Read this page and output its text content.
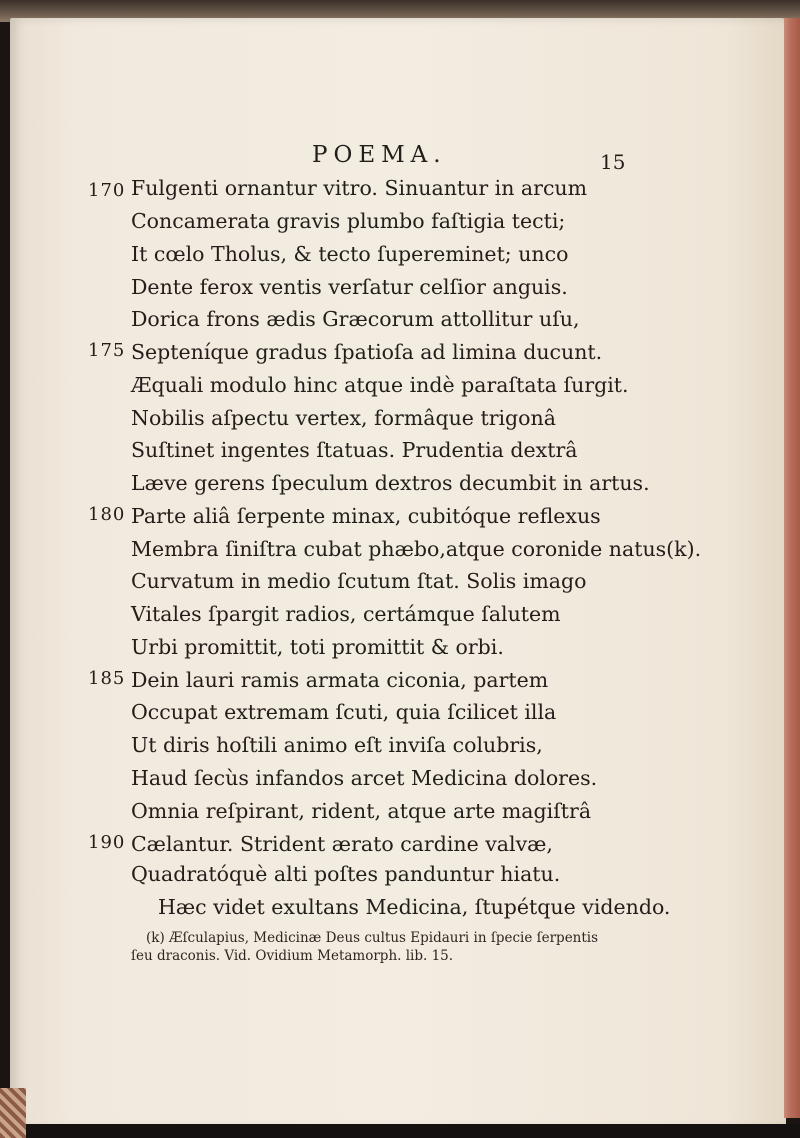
POEMA.	15
170
175
180
185
190
Fulgenti ornantur vitro. Sinuantur in arcum
Concamerata gravis plumbo faſtigia tecti;
It cœlo Tholus, & tecto ſupereminet; unco
Dente ferox ventis verſatur celſior anguis.
Dorica frons ædis Græcorum attollitur uſu,
Septeníque gradus ſpatioſa ad limina ducunt.
Æquali modulo hinc atque indè paraſtata ſurgit.
Nobilis aſpectu vertex, formâque trigonâ
Suſtinet ingentes ſtatuas. Prudentia dextrâ
Læve gerens ſpeculum dextros decumbit in artus.
Parte aliâ ſerpente minax, cubitóque reflexus
Membra ſiniſtra cubat phæbo,atque coronide natus(k).
Curvatum in medio ſcutum ſtat. Solis imago
Vitales ſpargit radios, certámque ſalutem
Urbi promittit, toti promittit & orbi.
Dein lauri ramis armata ciconia, partem
Occupat extremam ſcuti, quia ſcilicet illa
Ut diris hoſtili animo eſt inviſa colubris,
Haud ſecùs infandos arcet Medicina dolores.
Omnia reſpirant, rident, atque arte magiſtrâ
Cælantur. Strident ærato cardine valvæ,
Quadratóquè alti poſtes panduntur hiatu.
Hæc videt exultans Medicina, ſtupétque videndo.
(k) Æſculapius, Medicinæ Deus cultus Epidauri in ſpecie ſerpentis
ſeu draconis. Vid. Ovidium Metamorph. lib. 15.
